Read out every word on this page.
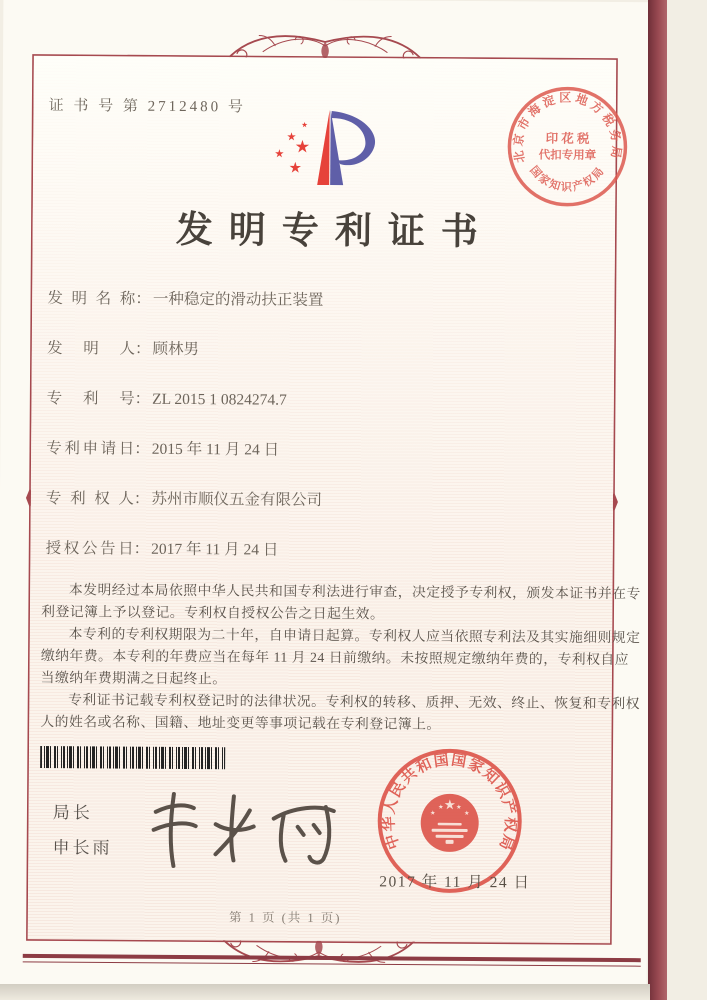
证 书 号 第 2712480 号
发明专利证书
发明名称： 一种稳定的滑动扶正装置
发明人： 顾林男
专利号： ZL 2015 1 0824274.7
专利申请日： 2015 年 11 月 24 日
专利权人： 苏州市顺仪五金有限公司
授权公告日： 2017 年 11 月 24 日

本发明经过本局依照中华人民共和国专利法进行审查，决定授予专利权，颁发本证书并在专利登记簿上予以登记。专利权自授权公告之日起生效。

本专利的专利权期限为二十年，自申请日起算。专利权人应当依照专利法及其实施细则规定缴纳年费。本专利的年费应当在每年 11 月 24 日前缴纳。未按照规定缴纳年费的，专利权自应当缴纳年费期满之日起终止。

专利证书记载专利权登记时的法律状况。专利权的转移、质押、无效、终止、恢复和专利权人的姓名或名称、国籍、地址变更等事项记载在专利登记簿上。

局长
申长雨	中华人民共和国国家知识产权局
2017 年 11 月 24 日
北京市海淀区地方税务局
国家知识产权局
印 花 税
代扣专用章
第 1 页 (共 1 页)
